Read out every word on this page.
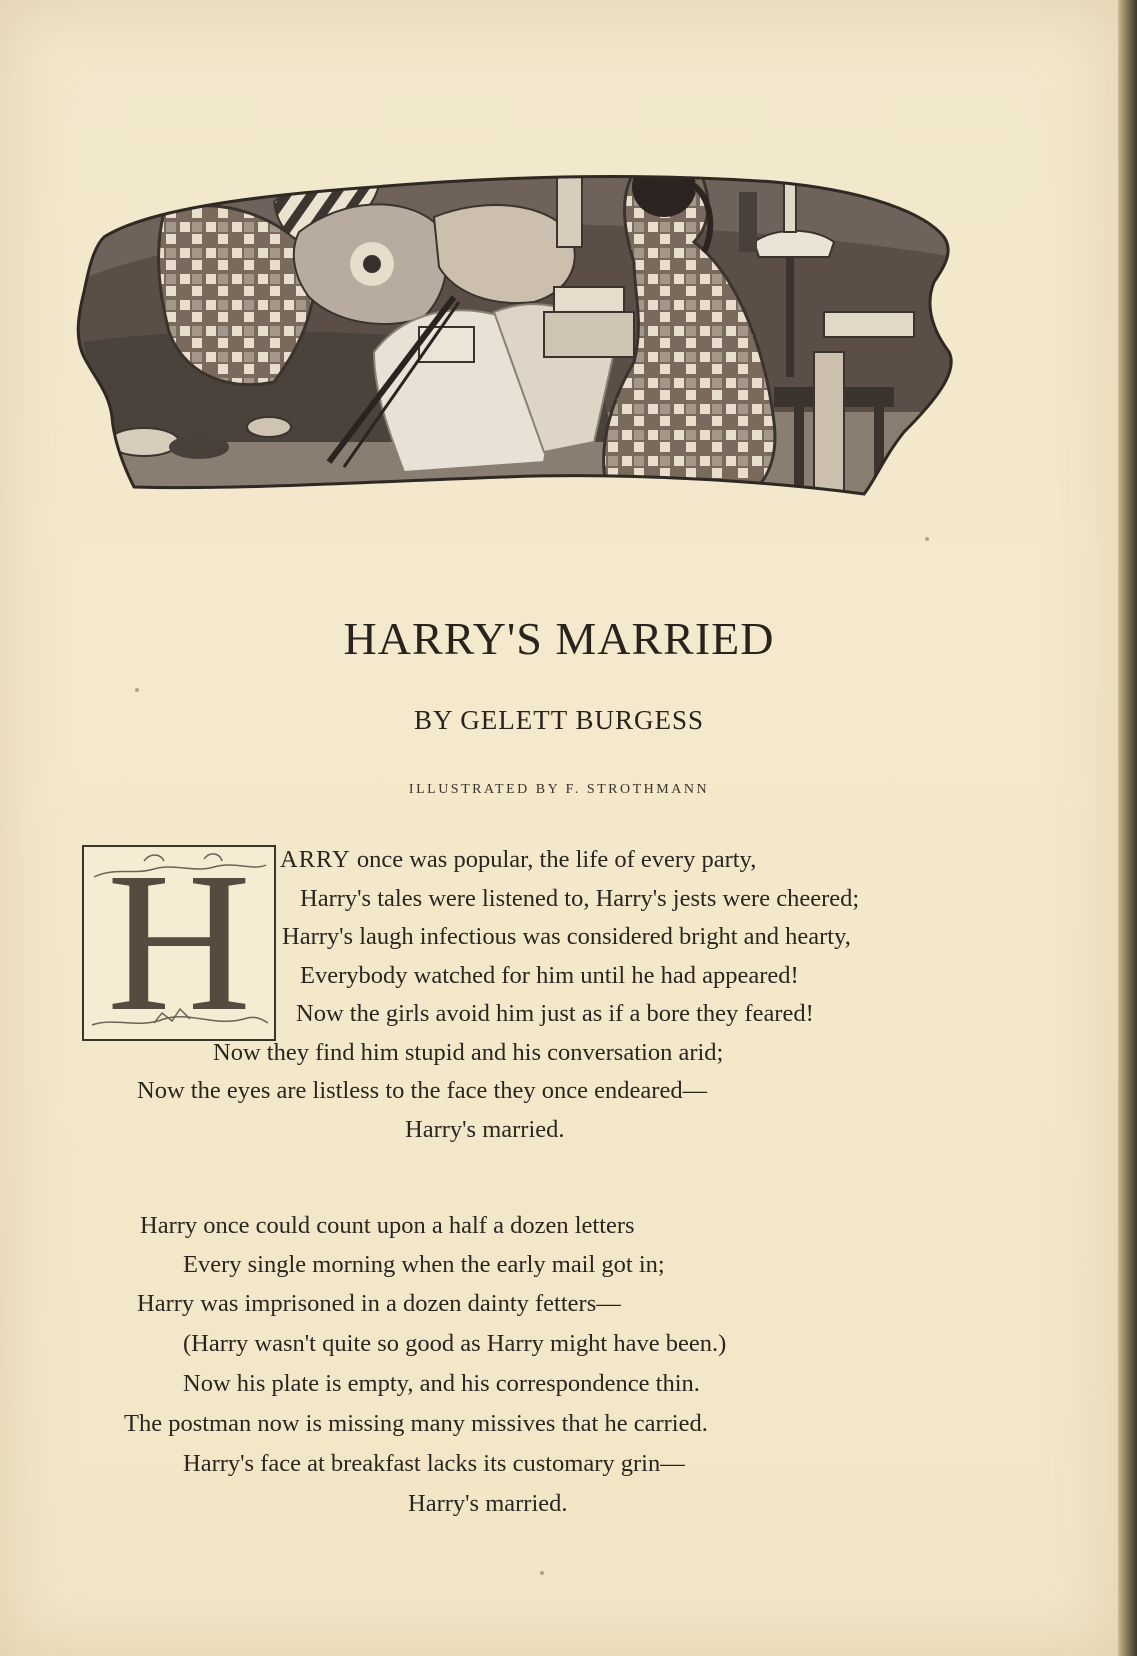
HARRY'S MARRIED
BY GELETT BURGESS
ILLUSTRATED BY F. STROTHMANN
H	ARRY once was popular, the life of every party,
Harry's tales were listened to, Harry's jests were cheered;
Harry's laugh infectious was considered bright and hearty,
Everybody watched for him until he had appeared!
Now the girls avoid him just as if a bore they feared!
Now they find him stupid and his conversation arid;
Now the eyes are listless to the face they once endeared—
Harry's married.
Harry once could count upon a half a dozen letters
Every single morning when the early mail got in;
Harry was imprisoned in a dozen dainty fetters—
(Harry wasn't quite so good as Harry might have been.)
Now his plate is empty, and his correspondence thin.
The postman now is missing many missives that he carried.
Harry's face at breakfast lacks its customary grin—
Harry's married.
